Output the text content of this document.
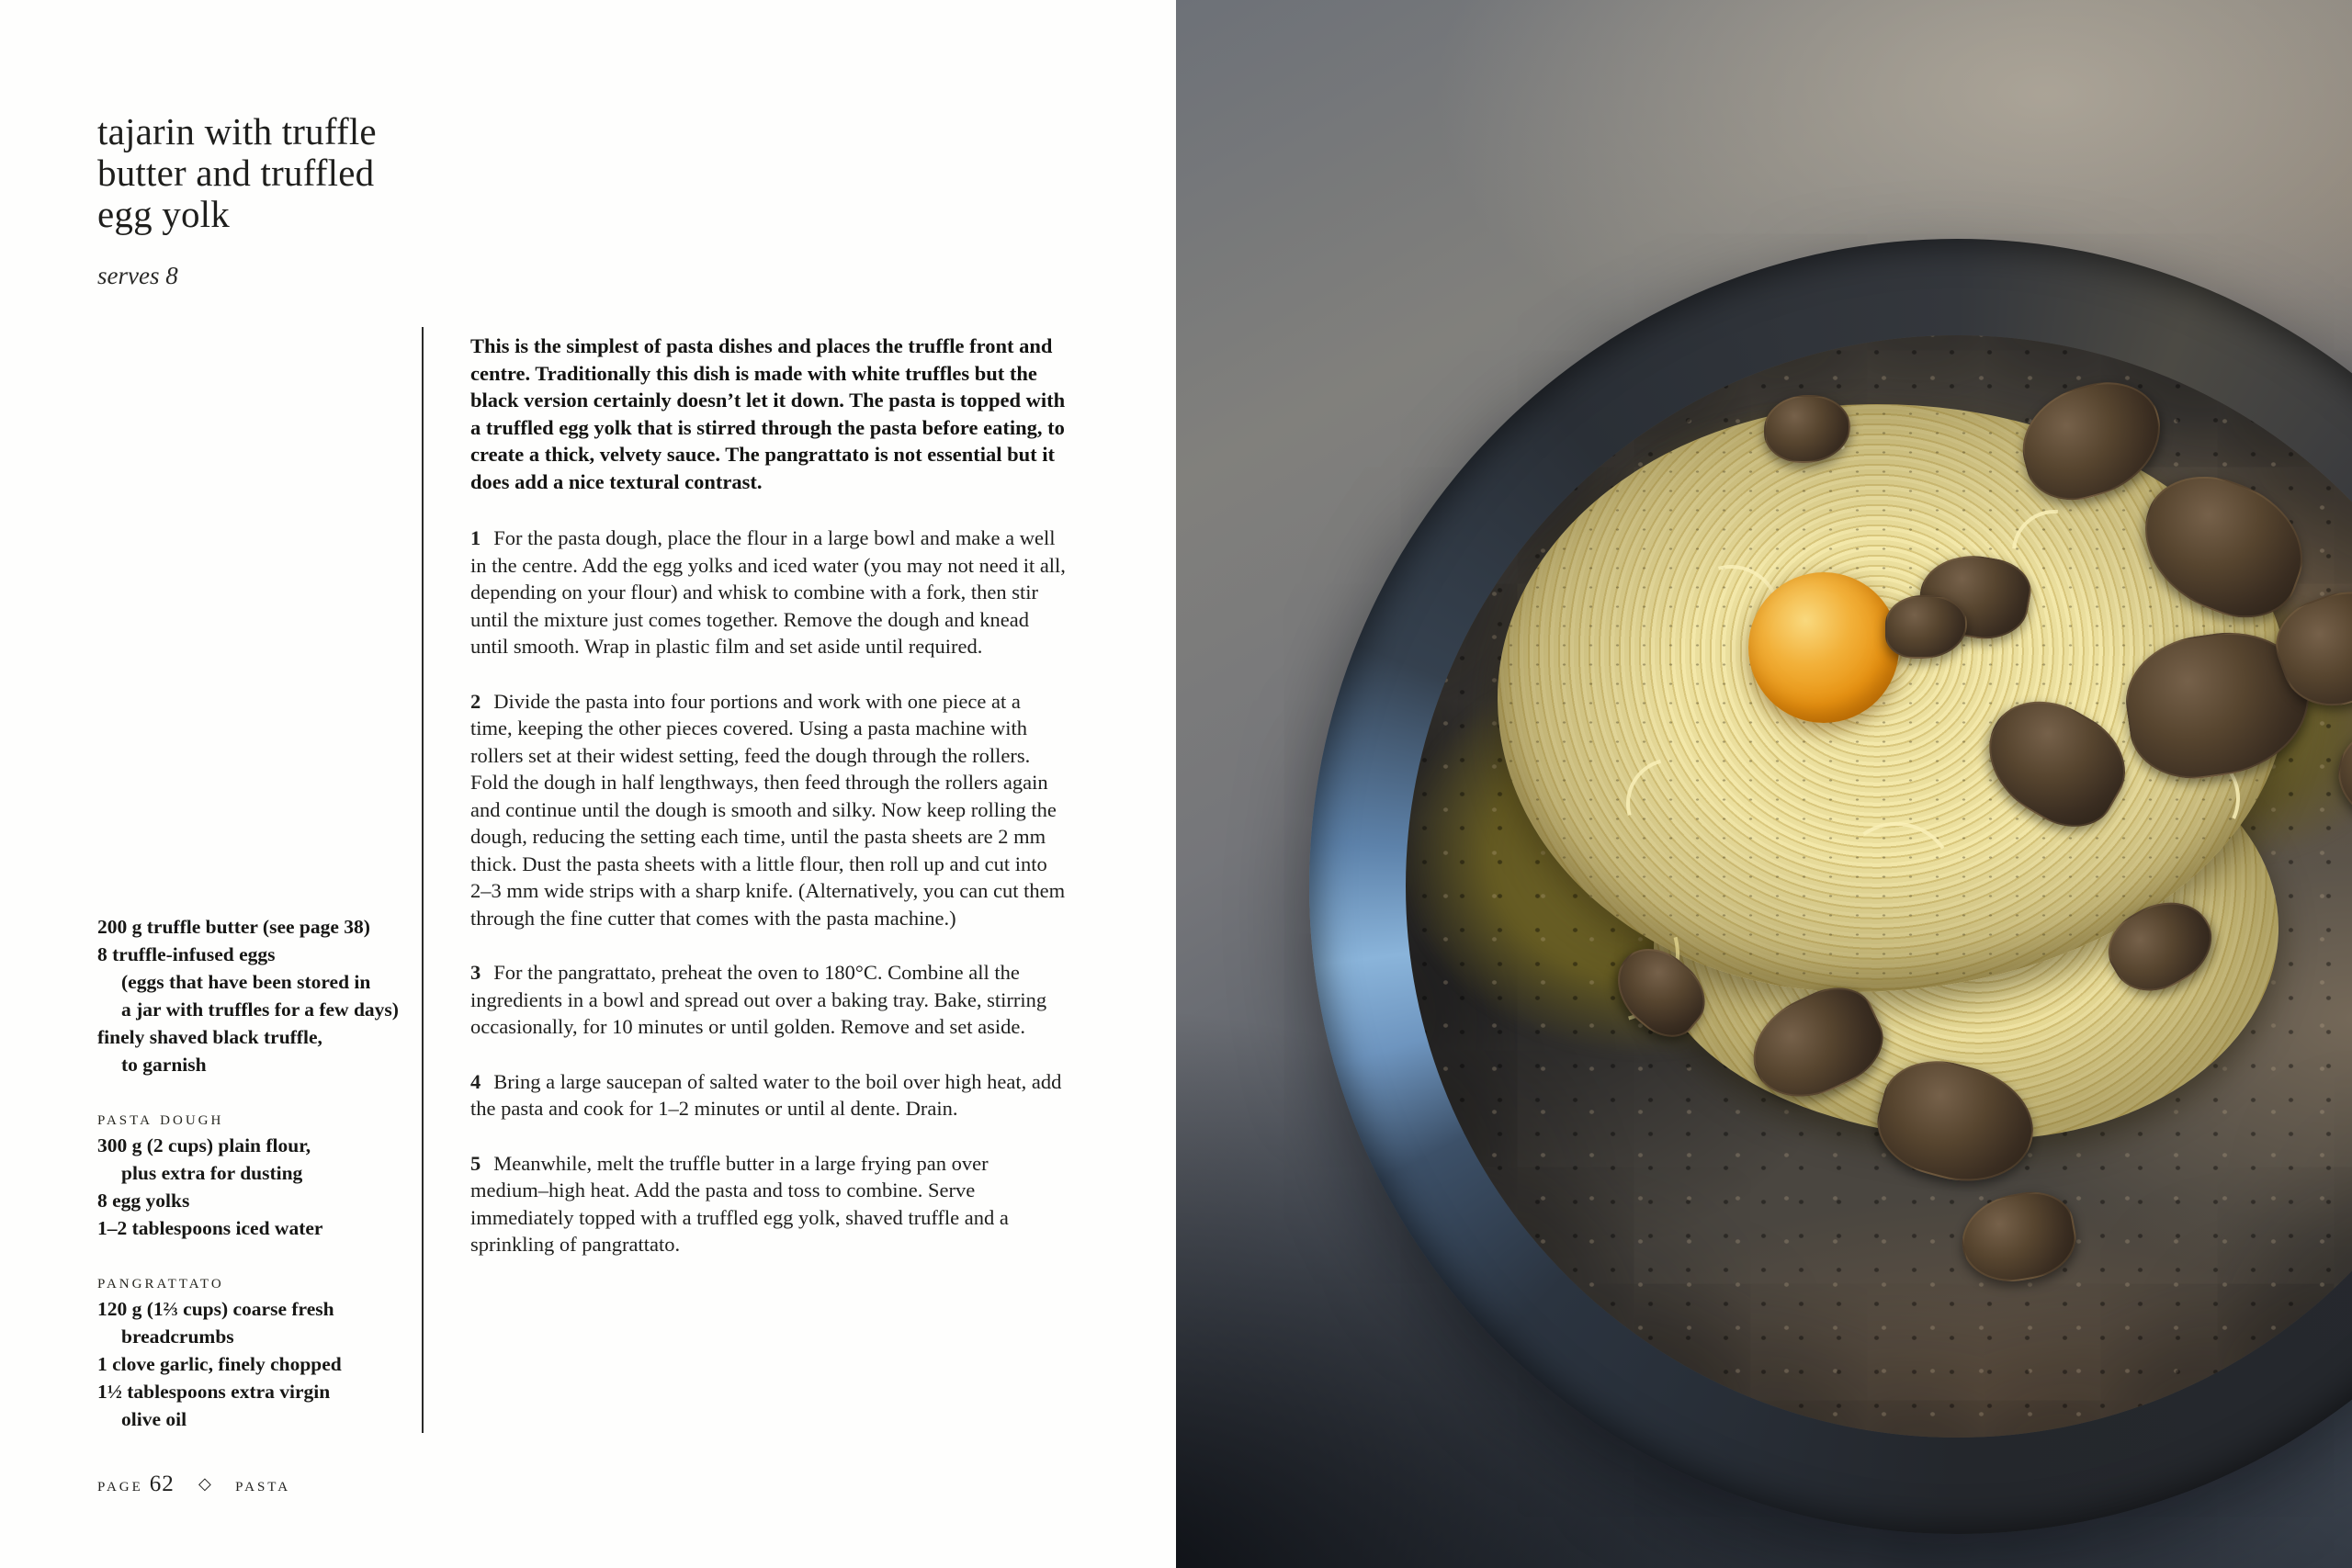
tajarin with truffle
butter and truffled
egg yolk

serves 8

200 g truffle butter (see page 38)
8 truffle-infused eggs
(eggs that have been stored in
a jar with truffles for a few days)
finely shaved black truffle,
to garnish
pasta dough
300 g (2 cups) plain flour,
plus extra for dusting
8 egg yolks
1–2 tablespoons iced water
pangrattato
120 g (1⅔ cups) coarse fresh
breadcrumbs
1 clove garlic, finely chopped
1½ tablespoons extra virgin
olive oil

This is the simplest of pasta dishes and places the truffle front and centre. Traditionally this dish is made with white truffles but the black version certainly doesn’t let it down. The pasta is topped with a truffled egg yolk that is stirred through the pasta before eating, to create a thick, velvety sauce. The pangrattato is not essential but it does add a nice textural contrast.

1 For the pasta dough, place the flour in a large bowl and make a well in the centre. Add the egg yolks and iced water (you may not need it all, depending on your flour) and whisk to combine with a fork, then stir until the mixture just comes together. Remove the dough and knead until smooth. Wrap in plastic film and set aside until required.

2 Divide the pasta into four portions and work with one piece at a time, keeping the other pieces covered. Using a pasta machine with rollers set at their widest setting, feed the dough through the rollers. Fold the dough in half lengthways, then feed through the rollers again and continue until the dough is smooth and silky. Now keep rolling the dough, reducing the setting each time, until the pasta sheets are 2 mm thick. Dust the pasta sheets with a little flour, then roll up and cut into 2–3 mm wide strips with a sharp knife. (Alternatively, you can cut them through the fine cutter that comes with the pasta machine.)

3 For the pangrattato, preheat the oven to 180°C. Combine all the ingredients in a bowl and spread out over a baking tray. Bake, stirring occasionally, for 10 minutes or until golden. Remove and set aside.

4 Bring a large saucepan of salted water to the boil over high heat, add the pasta and cook for 1–2 minutes or until al dente. Drain.

5 Meanwhile, melt the truffle butter in a large frying pan over medium–high heat. Add the pasta and toss to combine. Serve immediately topped with a truffled egg yolk, shaved truffle and a sprinkling of pangrattato.

page 62 ◇ pasta
